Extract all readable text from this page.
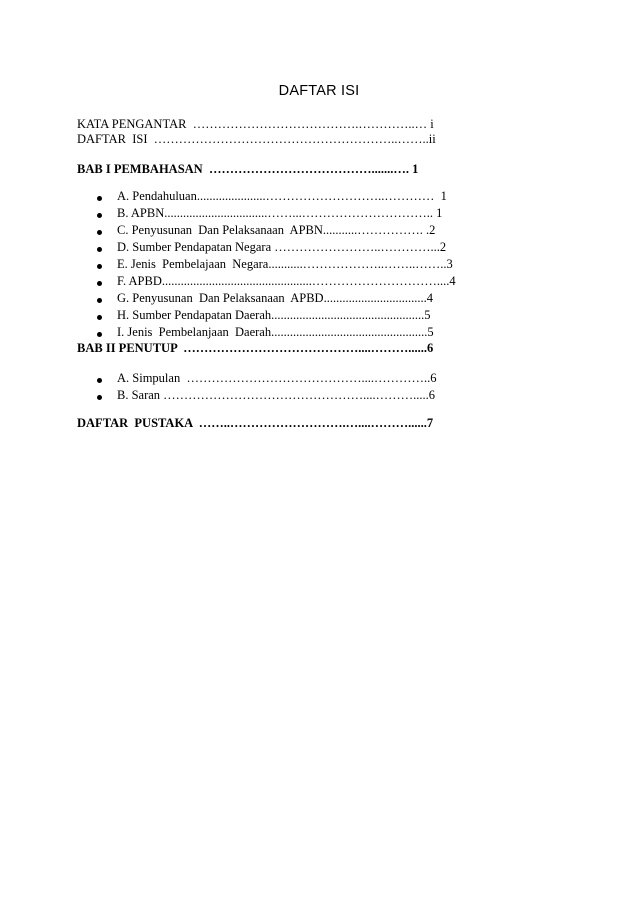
DAFTAR ISI
KATA PENGANTAR  ………………………………….…………..… i
DAFTAR  ISI  …………………………………………………..……..ii
BAB I PEMBAHASAN  ………………………………….......…. 1
A. Pendahuluan......................………………………..…………  1
B. APBN.................................……...………………………….. 1
C. Penyusunan  Dan Pelaksanaan  APBN...........……………. .2
D. Sumber Pendapatan Negara ……………………..…………...2
E. Jenis  Pembelajaan  Negara...........………………..……..……..3
F. APBD................................................…………………………....4
G. Penyusunan  Dan Pelaksanaan  APBD.................................4
H. Sumber Pendapatan Daerah.................................................5
I. Jenis  Pembelanjaan  Daerah..................................................5
BAB II PENUTUP  ……………………………………....………......6
A. Simpulan  ……………………………………....…………..6
B. Saran …………………………………………....……….....6
DAFTAR  PUSTAKA  ……..……………………….…....………......7
